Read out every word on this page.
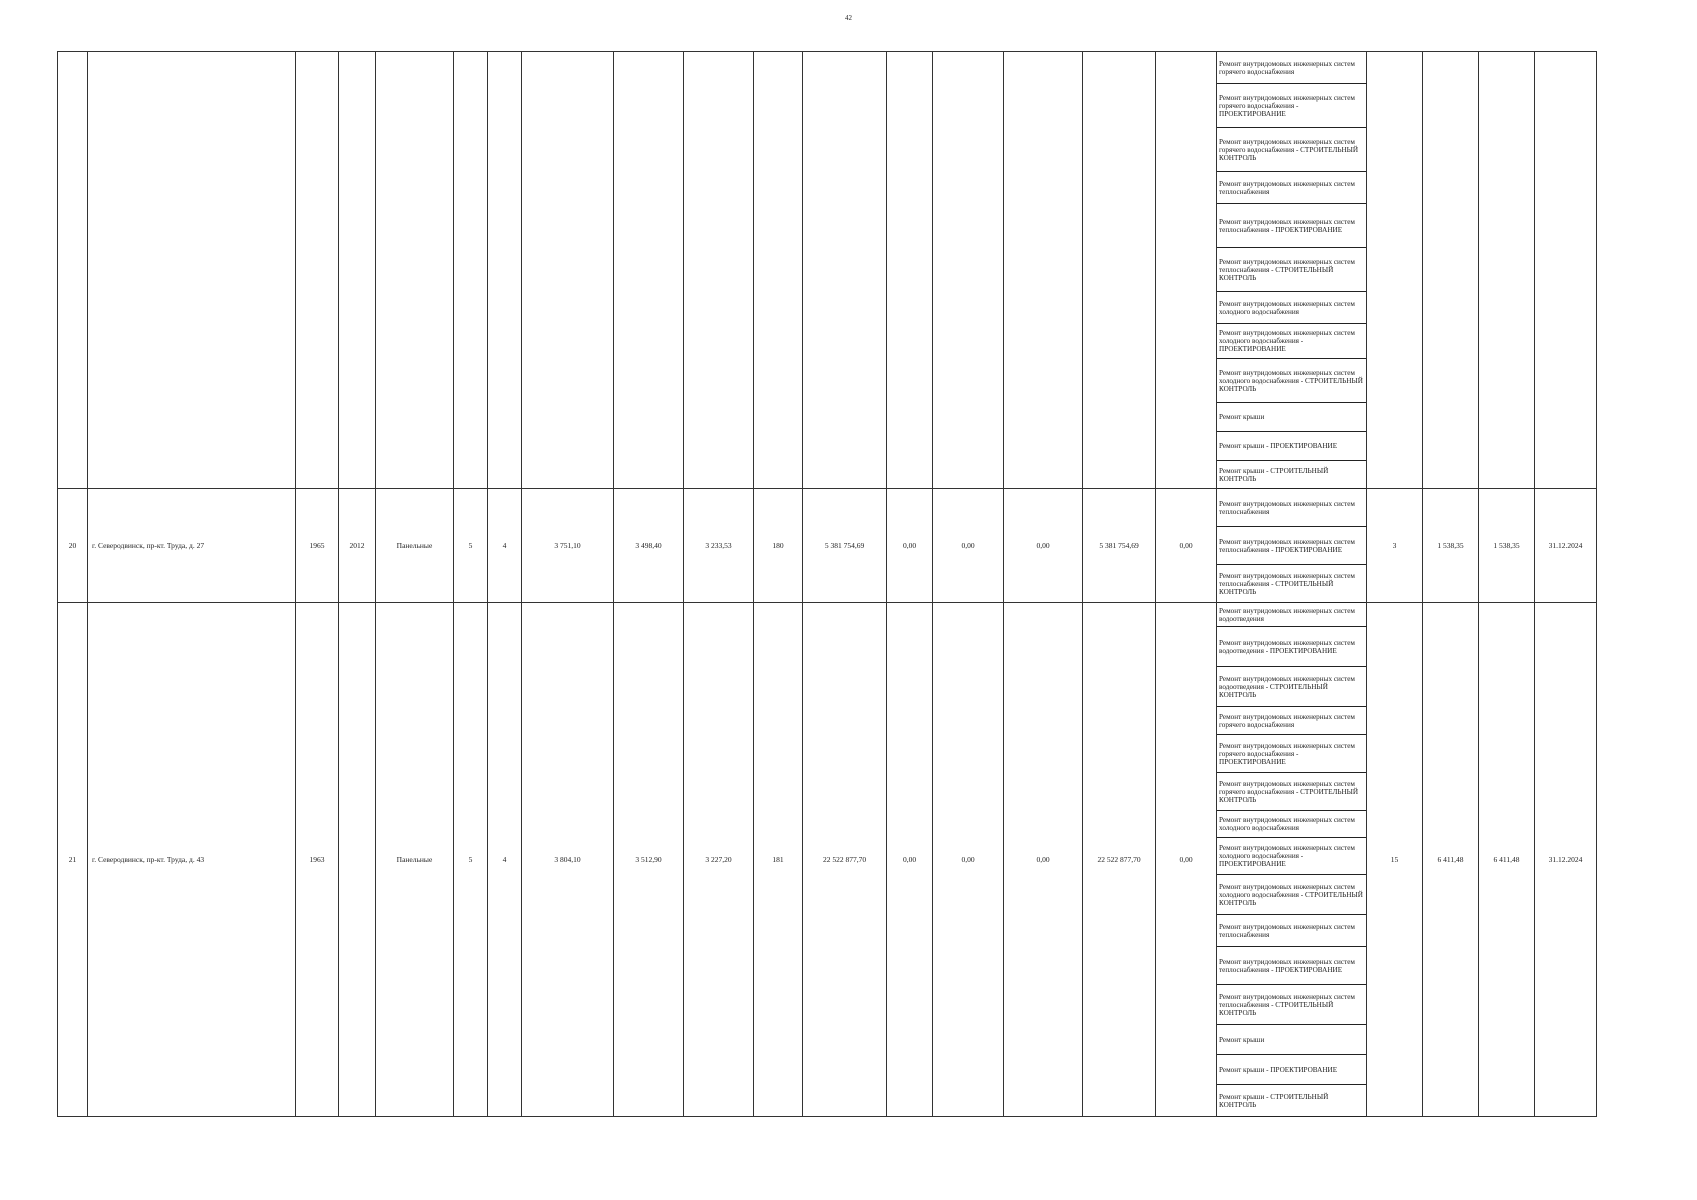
42
																	Ремонт внутридомовых инженерных систем горячего водоснабжения				
																	Ремонт внутридомовых инженерных систем горячего водоснабжения - ПРОЕКТИРОВАНИЕ				
																	Ремонт внутридомовых инженерных систем горячего водоснабжения - СТРОИТЕЛЬНЫЙ КОНТРОЛЬ				
																	Ремонт внутридомовых инженерных систем теплоснабжения				
																	Ремонт внутридомовых инженерных систем теплоснабжения - ПРОЕКТИРОВАНИЕ				
																	Ремонт внутридомовых инженерных систем теплоснабжения - СТРОИТЕЛЬНЫЙ КОНТРОЛЬ				
																	Ремонт внутридомовых инженерных систем холодного водоснабжения				
																	Ремонт внутридомовых инженерных систем холодного водоснабжения - ПРОЕКТИРОВАНИЕ				
																	Ремонт внутридомовых инженерных систем холодного водоснабжения - СТРОИТЕЛЬНЫЙ КОНТРОЛЬ				
																	Ремонт крыши				
																	Ремонт крыши - ПРОЕКТИРОВАНИЕ				
																	Ремонт крыши - СТРОИТЕЛЬНЫЙ КОНТРОЛЬ				
20	г. Северодвинск, пр-кт. Труда, д. 27	1965	2012	Панельные	5	4	3 751,10	3 498,40	3 233,53	180	5 381 754,69	0,00	0,00	0,00	5 381 754,69	0,00	Ремонт внутридомовых инженерных систем теплоснабжения	3	1 538,35	1 538,35	31.12.2024
																	Ремонт внутридомовых инженерных систем теплоснабжения - ПРОЕКТИРОВАНИЕ				
																	Ремонт внутридомовых инженерных систем теплоснабжения - СТРОИТЕЛЬНЫЙ КОНТРОЛЬ				
21	г. Северодвинск, пр-кт. Труда, д. 43	1963		Панельные	5	4	3 804,10	3 512,90	3 227,20	181	22 522 877,70	0,00	0,00	0,00	22 522 877,70	0,00	Ремонт внутридомовых инженерных систем водоотведения	15	6 411,48	6 411,48	31.12.2024
																	Ремонт внутридомовых инженерных систем водоотведения - ПРОЕКТИРОВАНИЕ				
																	Ремонт внутридомовых инженерных систем водоотведения - СТРОИТЕЛЬНЫЙ КОНТРОЛЬ				
																	Ремонт внутридомовых инженерных систем горячего водоснабжения				
																	Ремонт внутридомовых инженерных систем горячего водоснабжения - ПРОЕКТИРОВАНИЕ				
																	Ремонт внутридомовых инженерных систем горячего водоснабжения - СТРОИТЕЛЬНЫЙ КОНТРОЛЬ				
																	Ремонт внутридомовых инженерных систем холодного водоснабжения				
																	Ремонт внутридомовых инженерных систем холодного водоснабжения - ПРОЕКТИРОВАНИЕ				
																	Ремонт внутридомовых инженерных систем холодного водоснабжения - СТРОИТЕЛЬНЫЙ КОНТРОЛЬ				
																	Ремонт внутридомовых инженерных систем теплоснабжения				
																	Ремонт внутридомовых инженерных систем теплоснабжения - ПРОЕКТИРОВАНИЕ				
																	Ремонт внутридомовых инженерных систем теплоснабжения - СТРОИТЕЛЬНЫЙ КОНТРОЛЬ				
																	Ремонт крыши				
																	Ремонт крыши - ПРОЕКТИРОВАНИЕ				
																	Ремонт крыши - СТРОИТЕЛЬНЫЙ КОНТРОЛЬ				
